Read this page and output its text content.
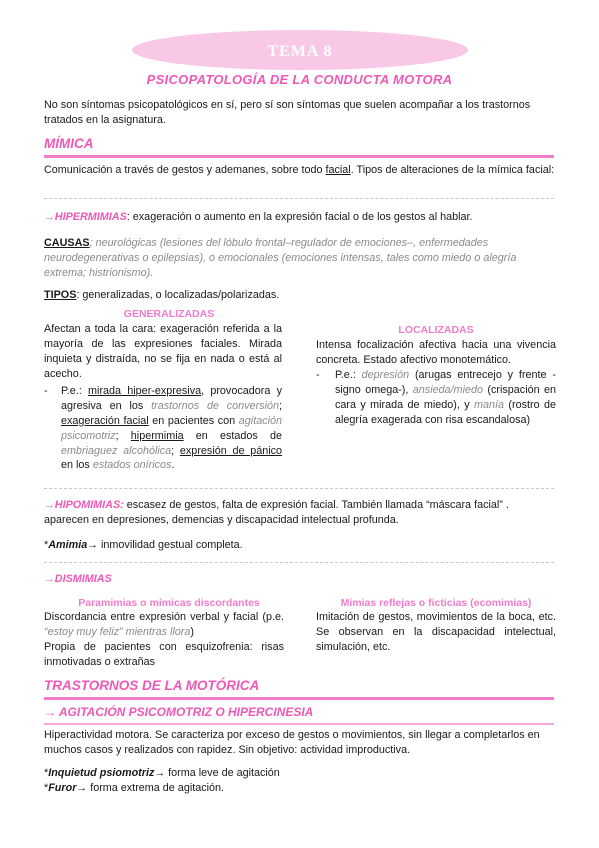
TEMA 8
PSICOPATOLOGÍA DE LA CONDUCTA MOTORA

No son síntomas psicopatológicos en sí, pero sí son síntomas que suelen acompañar a los trastornos tratados en la asignatura.

MÍMICA

Comunicación a través de gestos y ademanes, sobre todo facial. Tipos de alteraciones de la mímica facial:

→HIPERMIMIAS: exageración o aumento en la expresión facial o de los gestos al hablar.

CAUSAS; neurológicas (lesiones del lóbulo frontal–regulador de emociones–, enfermedades neurodegenerativas o epilepsias), o emocionales (emociones intensas, tales como miedo o alegría extrema; histrionismo).

TIPOS: generalizadas, o localizadas/polarizadas.

GENERALIZADAS
LOCALIZADAS
Afectan a toda la cara: exageración referida a la mayoría de las expresiones faciales. Mirada inquieta y distraída, no se fija en nada o está al acecho.
- P.e.: mirada hiper-expresiva, provocadora y agresiva en los trastornos de conversión; exageración facial en pacientes con agitación psicomotriz; hipermimia en estados de embriaguez alcohólica; expresión de pánico en los estados oníricos.
Intensa focalización afectiva hacia una vivencia concreta. Estado afectivo monotemático.
- P.e.: depresión (arugas entrecejo y frente -signo omega-), ansieda/miedo (crispación en cara y mirada de miedo), y manía (rostro de alegría exagerada con risa escandalosa)

→HIPOMIMIAS: escasez de gestos, falta de expresión facial. También llamada “máscara facial” . aparecen en depresiones, demencias y discapacidad intelectual profunda.

*Amimia→ inmovilidad gestual completa.

→DISMIMIAS

Paramimias o mímicas discordantes	Mimias reflejas o ficticias (ecomimias)
Discordancia entre expresión verbal y facial (p.e. “estoy muy feliz” mientras llora)
Propia de pacientes con esquizofrenia: risas inmotivadas o extrañas
Imitación de gestos, movimientos de la boca, etc. Se observan en la discapacidad intelectual, simulación, etc.
TRASTORNOS DE LA MOTÓRICA
→ AGITACIÓN PSICOMOTRIZ O HIPERCINESIA

Hiperactividad motora. Se caracteriza por exceso de gestos o movimientos, sin llegar a completarlos en muchos casos y realizados con rapidez. Sin objetivo: actividad improductiva.

*Inquietud psiomotriz→ forma leve de agitación

*Furor→ forma extrema de agitación.
